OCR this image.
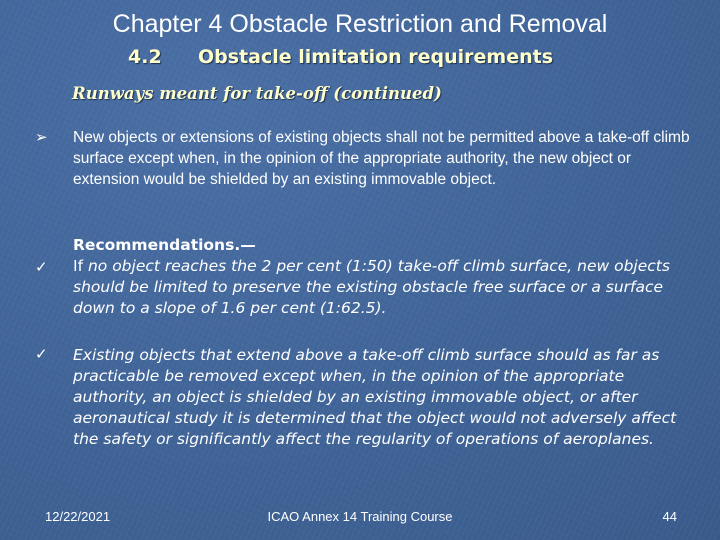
Chapter 4 Obstacle Restriction and Removal
4.2 Obstacle limitation requirements
Runways meant for take-off (continued)
➢ New objects or extensions of existing objects shall not be permitted above a take-off climb surface except when, in the opinion of the appropriate authority, the new object or extension would be shielded by an existing immovable object.
✓
Recommendations.—
If no object reaches the 2 per cent (1:50) take-off climb surface, new objects should be limited to preserve the existing obstacle free surface or a surface down to a slope of 1.6 per cent (1:62.5).
✓ Existing objects that extend above a take-off climb surface should as far as practicable be removed except when, in the opinion of the appropriate authority, an object is shielded by an existing immovable object, or after aeronautical study it is determined that the object would not adversely affect the safety or significantly affect the regularity of operations of aeroplanes.
12/22/2021	ICAO Annex 14 Training Course	44
